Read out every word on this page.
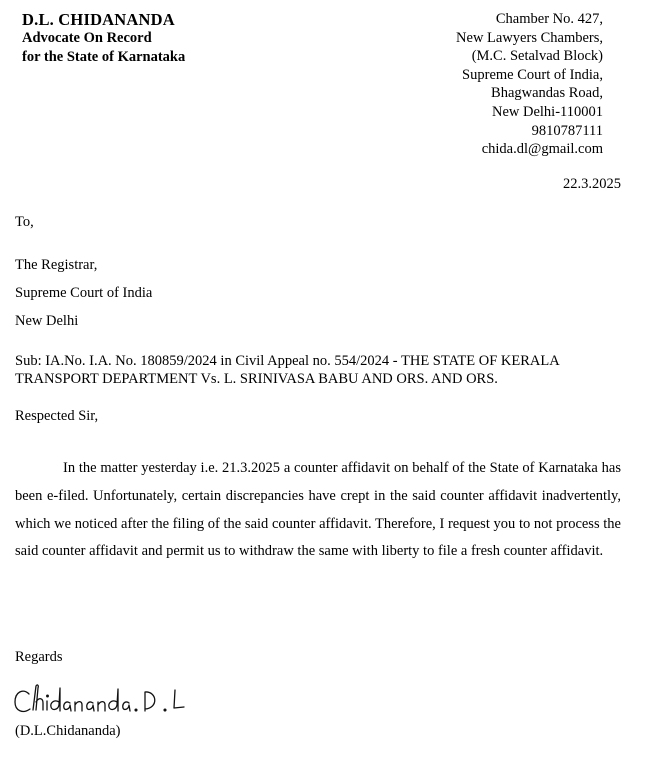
D.L. CHIDANANDA
Advocate On Record
for the State of Karnataka
Chamber No. 427,
New Lawyers Chambers,
(M.C. Setalvad Block)
Supreme Court of India,
Bhagwandas Road,
New Delhi-110001
9810787111
chida.dl@gmail.com
22.3.2025
To,
The Registrar,
Supreme Court of India
New Delhi
Sub: IA.No. I.A. No. 180859/2024 in Civil Appeal no. 554/2024 - THE STATE OF KERALA TRANSPORT DEPARTMENT Vs. L. SRINIVASA BABU AND ORS. AND ORS.
Respected Sir,
In the matter yesterday i.e. 21.3.2025 a counter affidavit on behalf of the State of Karnataka has been e-filed. Unfortunately, certain discrepancies have crept in the said counter affidavit inadvertently, which we noticed after the filing of the said counter affidavit. Therefore, I request you to not process the said counter affidavit and permit us to withdraw the same with liberty to file a fresh counter affidavit.
Regards
(D.L.Chidananda)
